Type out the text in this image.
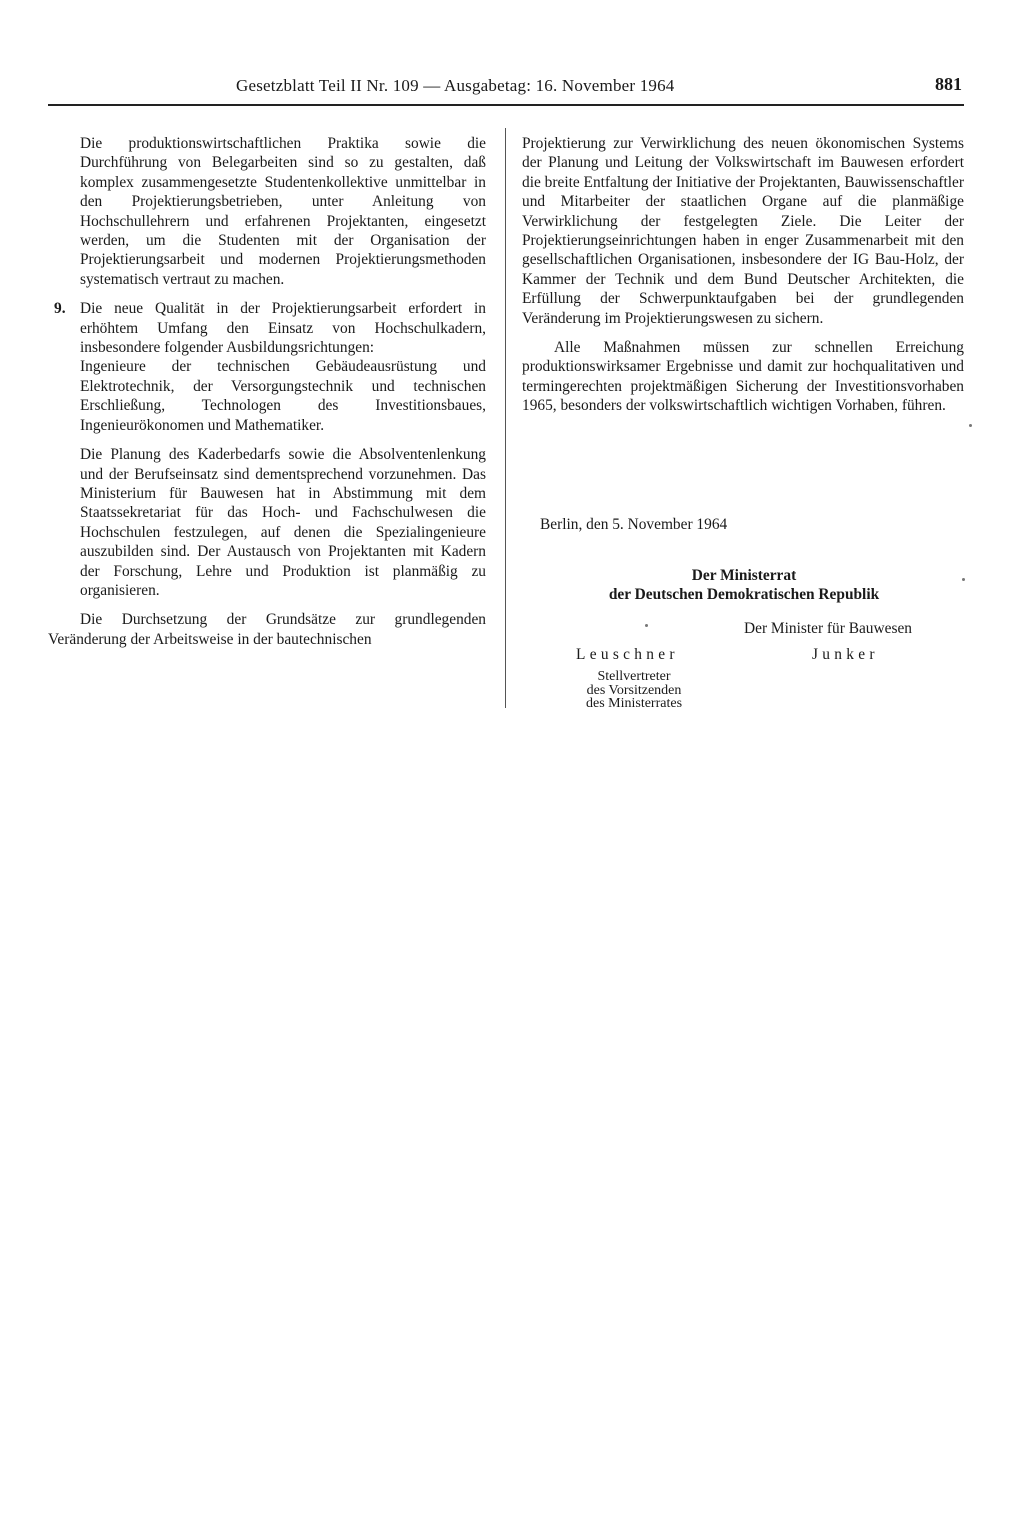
Gesetzblatt Teil II Nr. 109 — Ausgabetag: 16. November 1964	881

Die produktionswirtschaftlichen Praktika sowie die Durchführung von Belegarbeiten sind so zu gestalten, daß komplex zusammengesetzte Studentenkollektive unmittelbar in den Projektierungsbetrieben, unter Anleitung von Hochschullehrern und erfahrenen Projektanten, eingesetzt werden, um die Studenten mit der Organisation der Projektierungsarbeit und modernen Projektierungsmethoden systematisch vertraut zu machen.

9. Die neue Qualität in der Projektierungsarbeit erfordert in erhöhtem Umfang den Einsatz von Hochschulkadern, insbesondere folgender Ausbildungsrichtungen:

Ingenieure der technischen Gebäudeausrüstung und Elektrotechnik, der Versorgungstechnik und technischen Erschließung, Technologen des Investitionsbaues, Ingenieurökonomen und Mathematiker.

Die Planung des Kaderbedarfs sowie die Absolventenlenkung und der Berufseinsatz sind dementsprechend vorzunehmen. Das Ministerium für Bauwesen hat in Abstimmung mit dem Staatssekretariat für das Hoch- und Fachschulwesen die Hochschulen festzulegen, auf denen die Spezialingenieure auszubilden sind. Der Austausch von Projektanten mit Kadern der Forschung, Lehre und Produktion ist planmäßig zu organisieren.

Die Durchsetzung der Grundsätze zur grundlegenden Veränderung der Arbeitsweise in der bautechnischen

Projektierung zur Verwirklichung des neuen ökonomischen Systems der Planung und Leitung der Volkswirtschaft im Bauwesen erfordert die breite Entfaltung der Initiative der Projektanten, Bauwissenschaftler und Mitarbeiter der staatlichen Organe auf die planmäßige Verwirklichung der festgelegten Ziele. Die Leiter der Projektierungseinrichtungen haben in enger Zusammenarbeit mit den gesellschaftlichen Organisationen, insbesondere der IG Bau-Holz, der Kammer der Technik und dem Bund Deutscher Architekten, die Erfüllung der Schwerpunktaufgaben bei der grundlegenden Veränderung im Projektierungswesen zu sichern.

Alle Maßnahmen müssen zur schnellen Erreichung produktionswirksamer Ergebnisse und damit zur hochqualitativen und termingerechten projektmäßigen Sicherung der Investitionsvorhaben 1965, besonders der volkswirtschaftlich wichtigen Vorhaben, führen.

Berlin, den 5. November 1964
Der Ministerrat
der Deutschen Demokratischen Republik
Der Minister für Bauwesen
Leuschner	Junker
Stellvertreter
des Vorsitzenden
des Ministerrates
